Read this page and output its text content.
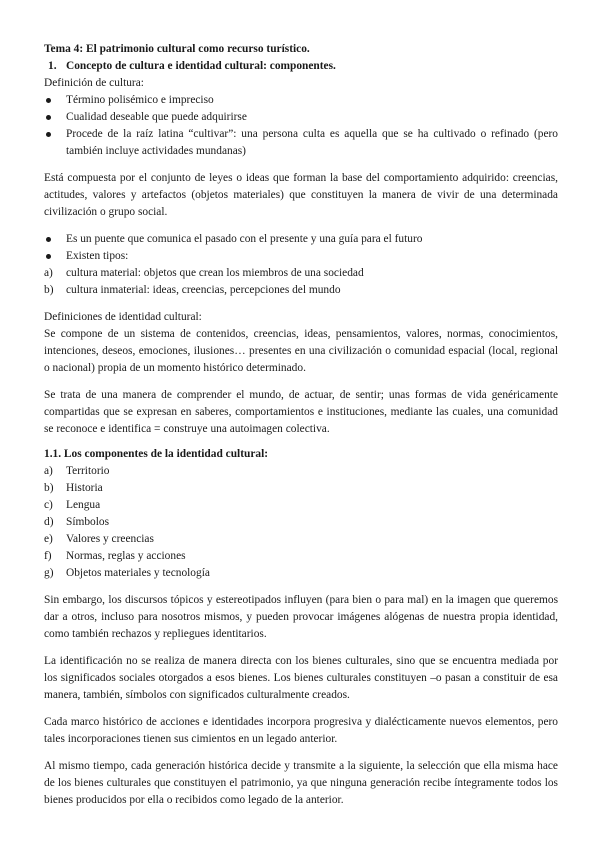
Tema 4: El patrimonio cultural como recurso turístico.

1. Concepto de cultura e identidad cultural: componentes.

Definición de cultura:

Término polisémico e impreciso
Cualidad deseable que puede adquirirse
Procede de la raíz latina “cultivar”: una persona culta es aquella que se ha cultivado o refinado (pero también incluye actividades mundanas)

Está compuesta por el conjunto de leyes o ideas que forman la base del comportamiento adquirido: creencias, actitudes, valores y artefactos (objetos materiales) que constituyen la manera de vivir de una determinada civilización o grupo social.

Es un puente que comunica el pasado con el presente y una guía para el futuro
Existen tipos:
a)	cultura material: objetos que crean los miembros de una sociedad
b)	cultura inmaterial: ideas, creencias, percepciones del mundo

Definiciones de identidad cultural:

Se compone de un sistema de contenidos, creencias, ideas, pensamientos, valores, normas, conocimientos, intenciones, deseos, emociones, ilusiones… presentes en una civilización o comunidad espacial (local, regional o nacional) propia de un momento histórico determinado.

Se trata de una manera de comprender el mundo, de actuar, de sentir; unas formas de vida genéricamente compartidas que se expresan en saberes, comportamientos e instituciones, mediante las cuales, una comunidad se reconoce e identifica = construye una autoimagen colectiva.

1.1. Los componentes de la identidad cultural:

a)	Territorio
b)	Historia
c)	Lengua
d)	Símbolos
e)	Valores y creencias
f)	Normas, reglas y acciones
g)	Objetos materiales y tecnología

Sin embargo, los discursos tópicos y estereotipados influyen (para bien o para mal) en la imagen que queremos dar a otros, incluso para nosotros mismos, y pueden provocar imágenes alógenas de nuestra propia identidad, como también rechazos y repliegues identitarios.

La identificación no se realiza de manera directa con los bienes culturales, sino que se encuentra mediada por los significados sociales otorgados a esos bienes. Los bienes culturales constituyen –o pasan a constituir de esa manera, también, símbolos con significados culturalmente creados.

Cada marco histórico de acciones e identidades incorpora progresiva y dialécticamente nuevos elementos, pero tales incorporaciones tienen sus cimientos en un legado anterior.

Al mismo tiempo, cada generación histórica decide y transmite a la siguiente, la selección que ella misma hace de los bienes culturales que constituyen el patrimonio, ya que ninguna generación recibe íntegramente todos los bienes producidos por ella o recibidos como legado de la anterior.
